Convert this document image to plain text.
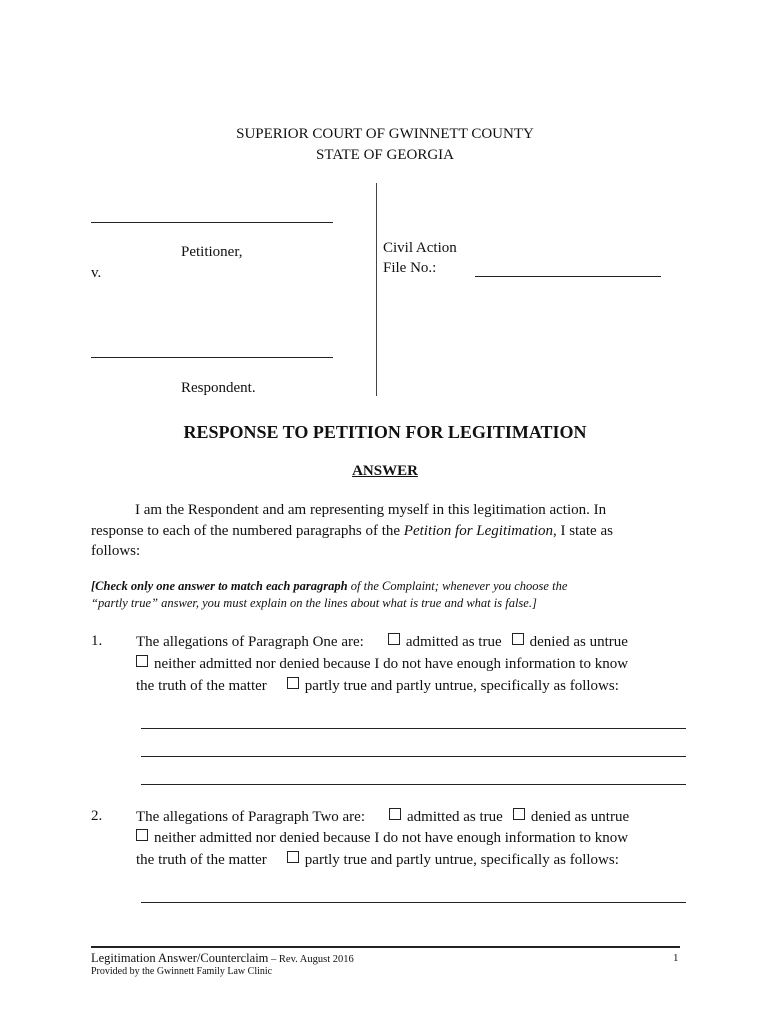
SUPERIOR COURT OF GWINNETT COUNTY
STATE OF GEORGIA
Petitioner,
v.
Respondent.
Civil Action
File No.:
RESPONSE TO PETITION FOR LEGITIMATION
ANSWER
I am the Respondent and am representing myself in this legitimation action. In
response to each of the numbered paragraphs of the Petition for Legitimation, I state as
follows:
[Check only one answer to match each paragraph of the Complaint; whenever you choose the
“partly true” answer, you must explain on the lines about what is true and what is false.]
1. The allegations of Paragraph One are:	admitted as true denied as untrue
neither admitted nor denied because I do not have enough information to know
the truth of the matter	partly true and partly untrue, specifically as follows:
2. The allegations of Paragraph Two are:	admitted as true denied as untrue
neither admitted nor denied because I do not have enough information to know
the truth of the matter	partly true and partly untrue, specifically as follows:
Legitimation Answer/Counterclaim – Rev. August 2016
Provided by the Gwinnett Family Law Clinic
1
